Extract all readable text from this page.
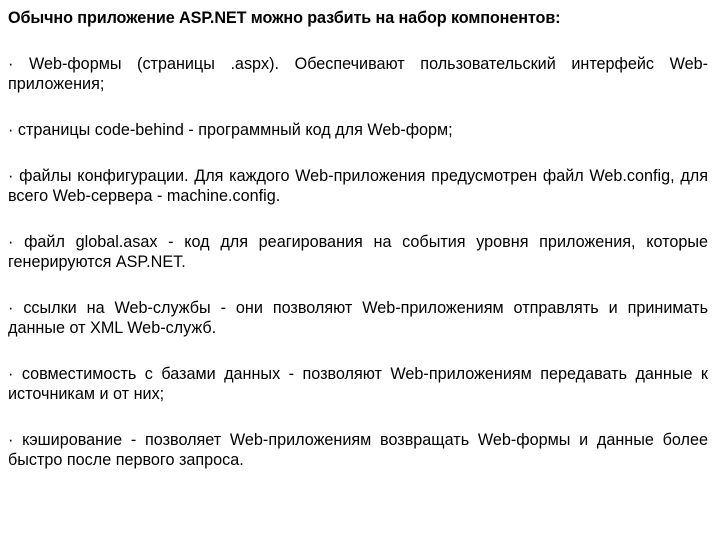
Обычно приложение ASP.NET можно разбить на набор компонентов:
· Web-формы (страницы .aspx). Обеспечивают пользовательский интерфейс Web-приложения;
· страницы code-behind - программный код для Web-форм;
· файлы конфигурации. Для каждого Web-приложения предусмотрен файл Web.config, для всего Web-сервера - machine.config.
· файл global.asax - код для реагирования на события уровня приложения, которые генерируются ASP.NET.
· ссылки на Web-службы - они позволяют Web-приложениям отправлять и принимать данные от XML Web-служб.
· совместимость с базами данных - позволяют Web-приложениям передавать данные к источникам и от них;
· кэширование - позволяет Web-приложениям возвращать Web-формы и данные более быстро после первого запроса.
